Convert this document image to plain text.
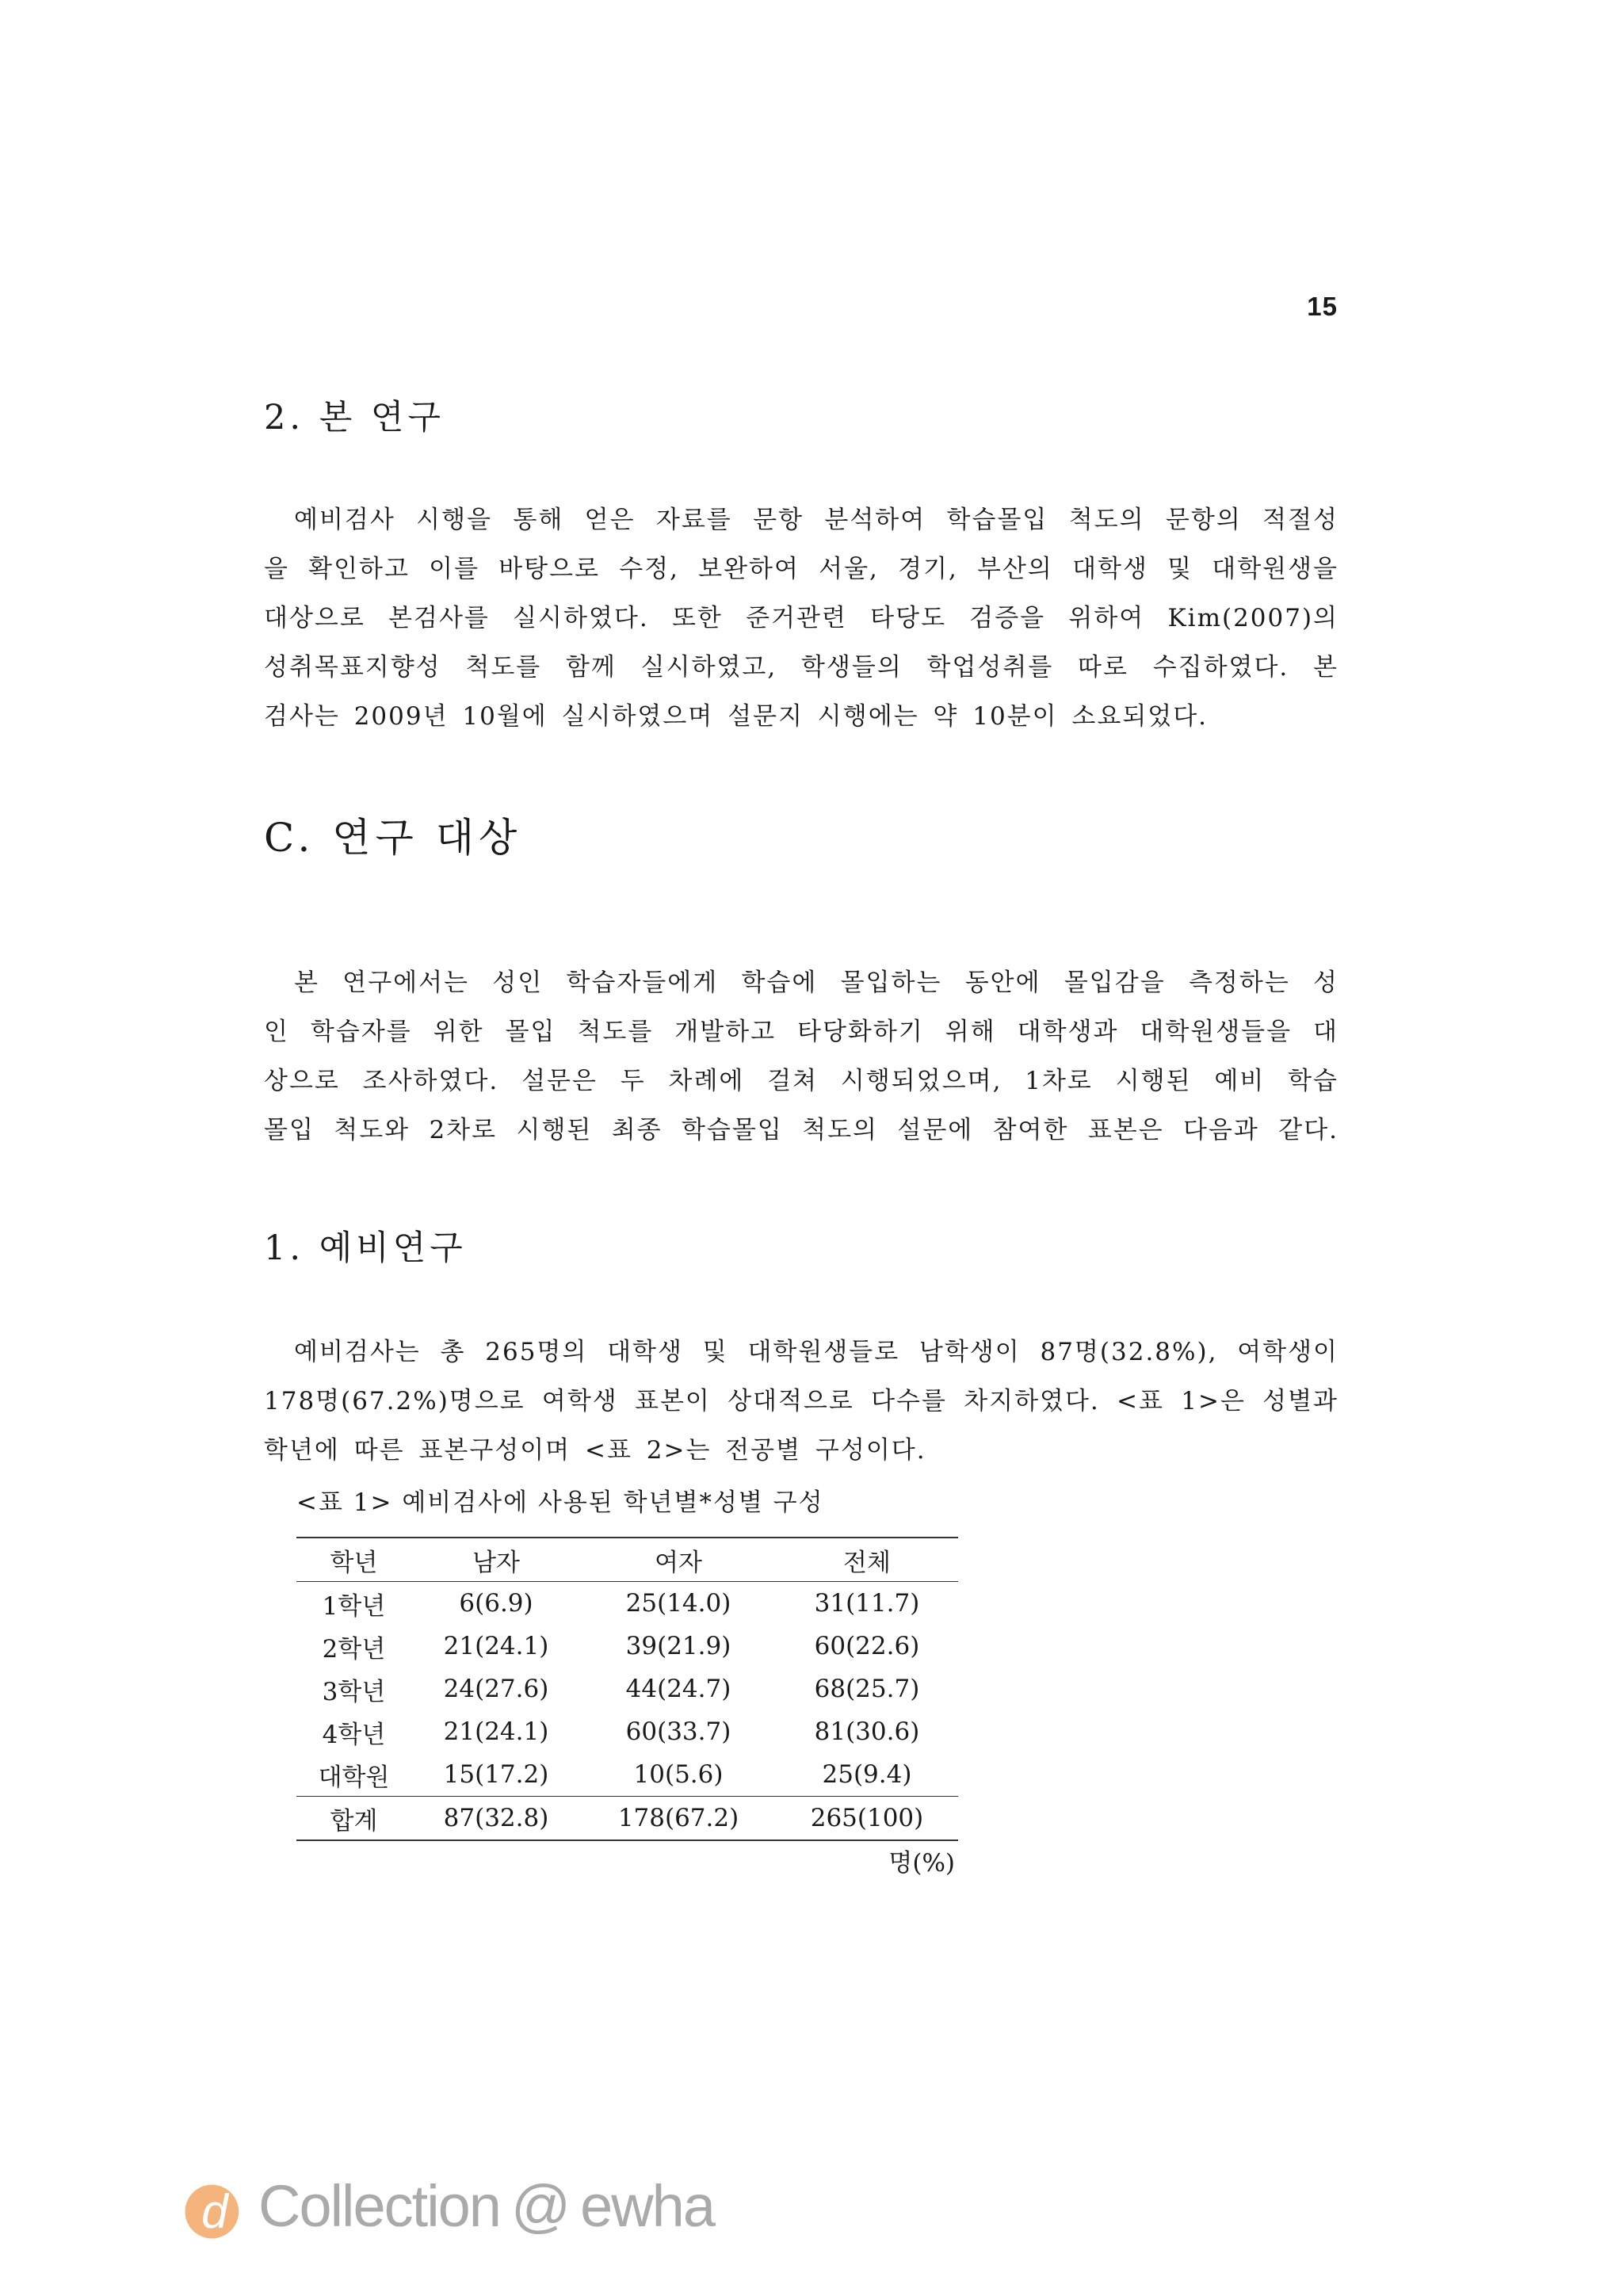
15
2. 본 연구
예비검사 시행을 통해 얻은 자료를 문항 분석하여 학습몰입 척도의 문항의 적절성
을 확인하고 이를 바탕으로 수정, 보완하여 서울, 경기, 부산의 대학생 및 대학원생을
대상으로 본검사를 실시하였다. 또한 준거관련 타당도 검증을 위하여 Kim(2007)의
성취목표지향성 척도를 함께 실시하였고, 학생들의 학업성취를 따로 수집하였다. 본
검사는 2009년 10월에 실시하였으며 설문지 시행에는 약 10분이 소요되었다.
C. 연구 대상
본 연구에서는 성인 학습자들에게 학습에 몰입하는 동안에 몰입감을 측정하는 성
인 학습자를 위한 몰입 척도를 개발하고 타당화하기 위해 대학생과 대학원생들을 대
상으로 조사하였다. 설문은 두 차례에 걸쳐 시행되었으며, 1차로 시행된 예비 학습
몰입 척도와 2차로 시행된 최종 학습몰입 척도의 설문에 참여한 표본은 다음과 같다.
1. 예비연구
예비검사는 총 265명의 대학생 및 대학원생들로 남학생이 87명(32.8%), 여학생이
178명(67.2%)명으로 여학생 표본이 상대적으로 다수를 차지하였다. <표 1>은 성별과
학년에 따른 표본구성이며 <표 2>는 전공별 구성이다.
<표 1> 예비검사에 사용된 학년별*성별 구성
학년	남자	여자	전체
1학년	6(6.9)	25(14.0)	31(11.7)
2학년	21(24.1)	39(21.9)	60(22.6)
3학년	24(27.6)	44(24.7)	68(25.7)
4학년	21(24.1)	60(33.7)	81(30.6)
대학원	15(17.2)	10(5.6)	25(9.4)
합계	87(32.8)	178(67.2)	265(100)
명(%)
d Collection @ ewha
